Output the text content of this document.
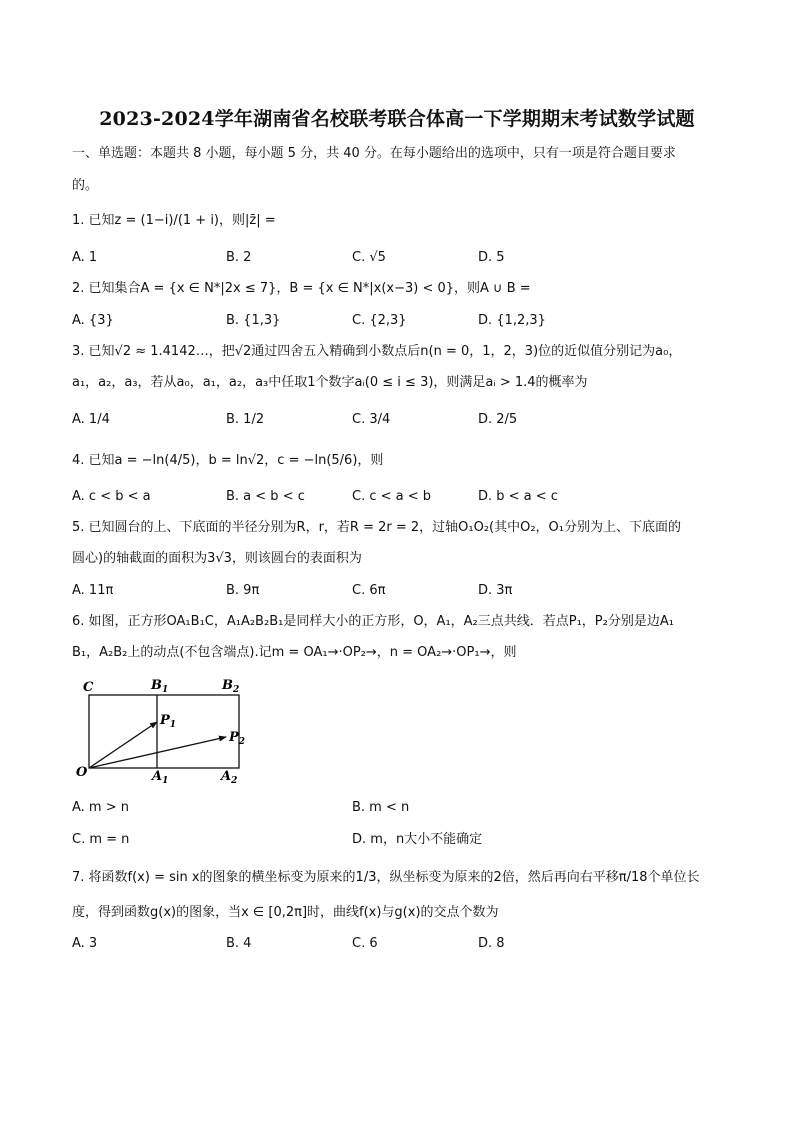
2023-2024学年湖南省名校联考联合体高一下学期期末考试数学试题
一、单选题：本题共 8 小题，每小题 5 分，共 40 分。在每小题给出的选项中，只有一项是符合题目要求
的。
1. 已知z = (1−i)/(1 + i)，则|z̄| =
A. 1	B. 2	C. √5	D. 5
2. 已知集合A = {x ∈ N*|2x ≤ 7}，B = {x ∈ N*|x(x−3) < 0}，则A ∪ B =
A. {3}	B. {1,3}	C. {2,3}	D. {1,2,3}
3. 已知√2 ≈ 1.4142…，把√2通过四舍五入精确到小数点后n(n = 0，1，2，3)位的近似值分别记为a₀，
a₁，a₂，a₃，若从a₀，a₁，a₂，a₃中任取1个数字aᵢ(0 ≤ i ≤ 3)，则满足aᵢ > 1.4的概率为
A. 1/4	B. 1/2	C. 3/4	D. 2/5
4. 已知a = −ln(4/5)，b = ln√2，c = −ln(5/6)，则
A. c < b < a	B. a < b < c	C. c < a < b	D. b < a < c
5. 已知圆台的上、下底面的半径分别为R，r，若R = 2r = 2，过轴O₁O₂(其中O₂，O₁分别为上、下底面的
圆心)的轴截面的面积为3√3，则该圆台的表面积为
A. 11π	B. 9π	C. 6π	D. 3π
6. 如图，正方形OA₁B₁C，A₁A₂B₂B₁是同样大小的正方形，O，A₁，A₂三点共线．若点P₁，P₂分别是边A₁
B₁，A₂B₂上的动点(不包含端点).记m = OA₁→·OP₂→，n = OA₂→·OP₁→，则
C	$B_1$	$B_2$
$P_1$
$P_2$
O	$A_1$	$A_2$
A. m > n	B. m < n
C. m = n	D. m，n大小不能确定
7. 将函数f(x) = sin x的图象的横坐标变为原来的1/3，纵坐标变为原来的2倍，然后再向右平移π/18个单位长
度，得到函数g(x)的图象，当x ∈ [0,2π]时，曲线f(x)与g(x)的交点个数为
A. 3	B. 4	C. 6	D. 8
